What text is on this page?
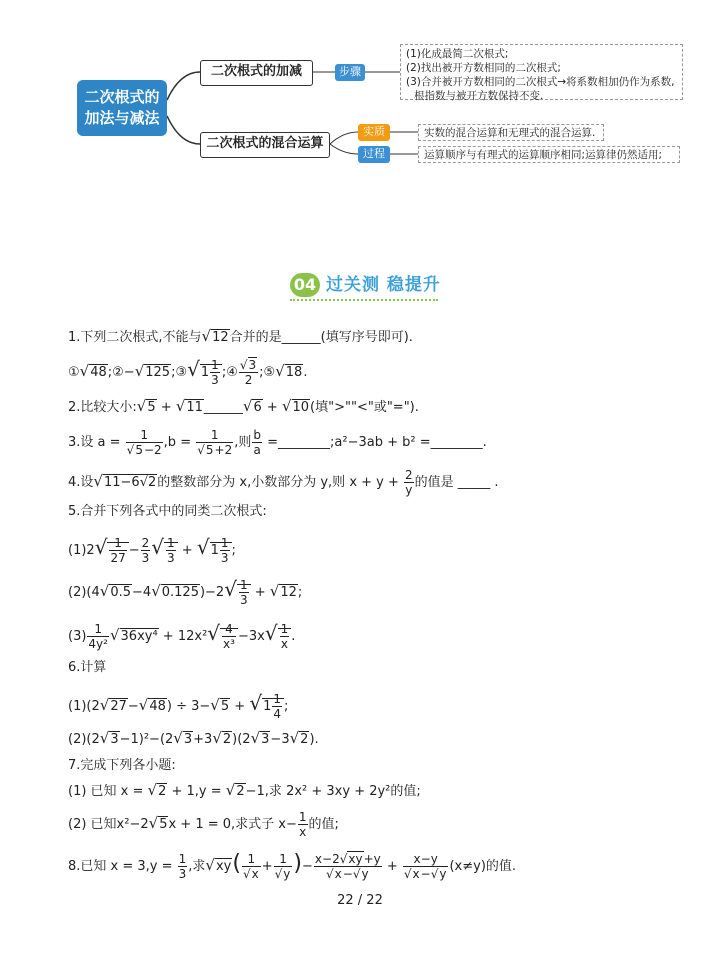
二次根式的
加法与减法
二次根式的加减
二次根式的混合运算
步骤
实质
过程
(1)化成最简二次根式;
(2)找出被开方数相同的二次根式;
(3)合并被开方数相同的二次根式→将系数相加仍作为系数,
根指数与被开方数保持不变.
实数的混合运算和无理式的混合运算.
运算顺序与有理式的运算顺序相同;运算律仍然适用;
04 过关测 稳提升
1.下列二次根式,不能与√12合并的是______(填写序号即可).
①√48;②−√125;③√1 $\frac{1}{3}$ ;④ $\frac{√3}{2}$ ;⑤√18.
2.比较大小:√5 + √11______√6 + √10(填">""<"或"=").
3.设 $a = \frac{1}{√5-2} ,b = \frac{1}{√5+2}$ ,则 $\frac{b}{a}$ =________;a²−3ab + b² =________.
4.设√11−6√2的整数部分为 x,小数部分为 y,则 $x + y + \frac{2}{y}$ 的值是 _____ .
5.合并下列各式中的同类二次根式:
$(1)2√ \frac{1}{27} - \frac{2}{3}$ √ $\frac{1}{3} + √1 \frac{1}{3}$ ;
$(2)(4√0.5-4√0.125)-2√ \frac{1}{3} + √12$;
$(3) \frac{1}{\text{4y²}} √36xy^4 + 12x^2√ \frac{4}{\text{x³}} -3x√ \frac{1}{x}$ .
6.计算
$(1)(2√27-√48) \div 3-√5 + √1 \frac{1}{4}$ ;
(2)(2√3−1)²−(2√3+3√2)(2√3−3√2).
7.完成下列各小题:
(1) 已知 x = √2 + 1,y = √2−1,求 2x² + 3xy + 2y²的值;
(2) 已知x²−2√5x + 1 = 0,求式子 $x- \frac{1}{x}$ 的值;
8.已知 $x = 3,y = \frac{1}{3}$ ,求$√xy( \frac{1}{√x} + \frac{1}{√y}$ )− $\frac{x-2√xy+y}{√x-√y} + \frac{x-y}{√x-√y} (x\ne y)$的值.
22 / 22
